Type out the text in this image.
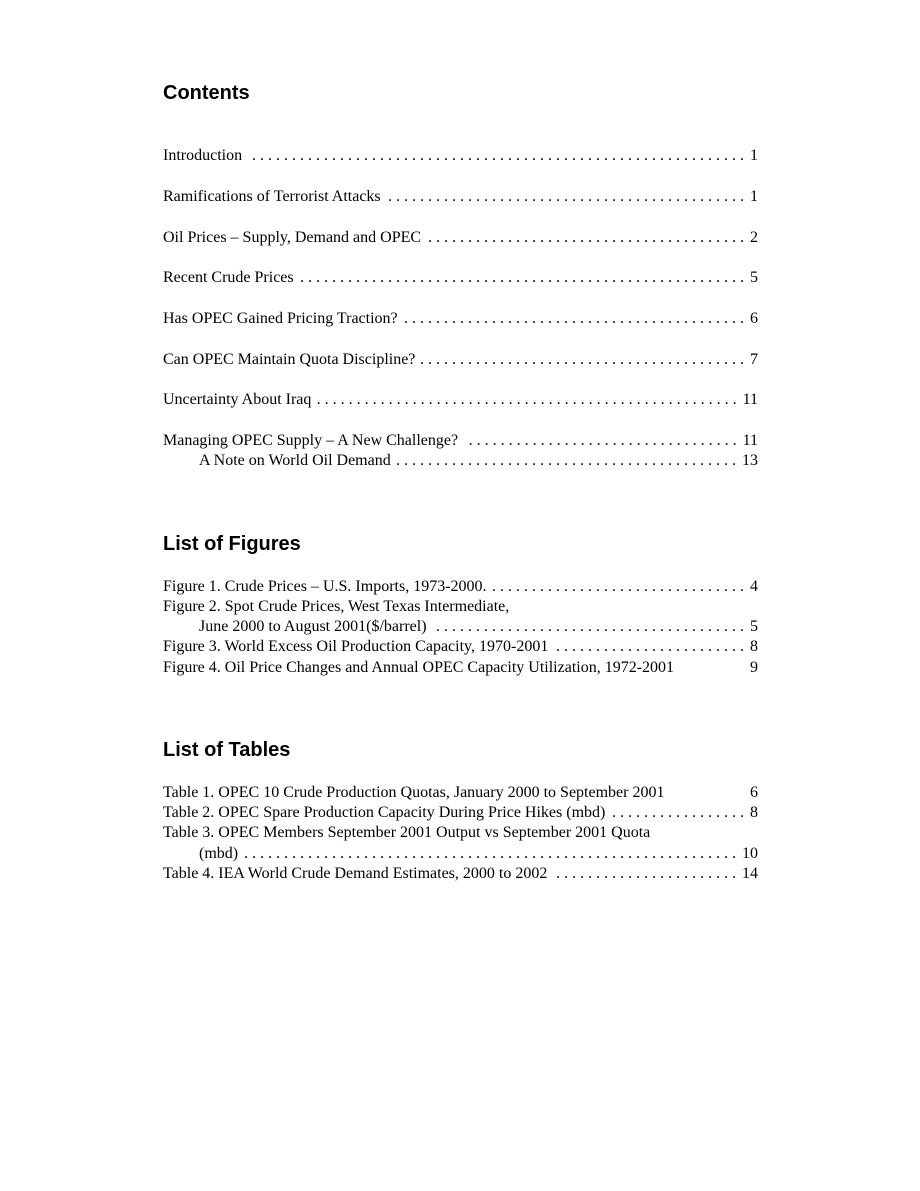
Contents
Introduction . . .	1
Ramifications of Terrorist Attacks . . .	1
Oil Prices – Supply, Demand and OPEC . . .	2
Recent Crude Prices . . .	5
Has OPEC Gained Pricing Traction? . . .	6
Can OPEC Maintain Quota Discipline? . . .	7
Uncertainty About Iraq . . .	11
Managing OPEC Supply – A New Challenge? . . .	11
A Note on World Oil Demand . . .	13
List of Figures
Figure 1. Crude Prices – U.S. Imports, 1973-2000. . . .	4
Figure 2. Spot Crude Prices, West Texas Intermediate,
June 2000 to August 2001($/barrel) . . .	5
Figure 3. World Excess Oil Production Capacity, 1970-2001 . . .	8
Figure 4. Oil Price Changes and Annual OPEC Capacity Utilization, 1972-2001	9
List of Tables
Table 1. OPEC 10 Crude Production Quotas, January 2000 to September 2001	6
Table 2. OPEC Spare Production Capacity During Price Hikes (mbd) . . .	8
Table 3. OPEC Members September 2001 Output vs September 2001 Quota
(mbd) . . .	10
Table 4. IEA World Crude Demand Estimates, 2000 to 2002 . . .	14
